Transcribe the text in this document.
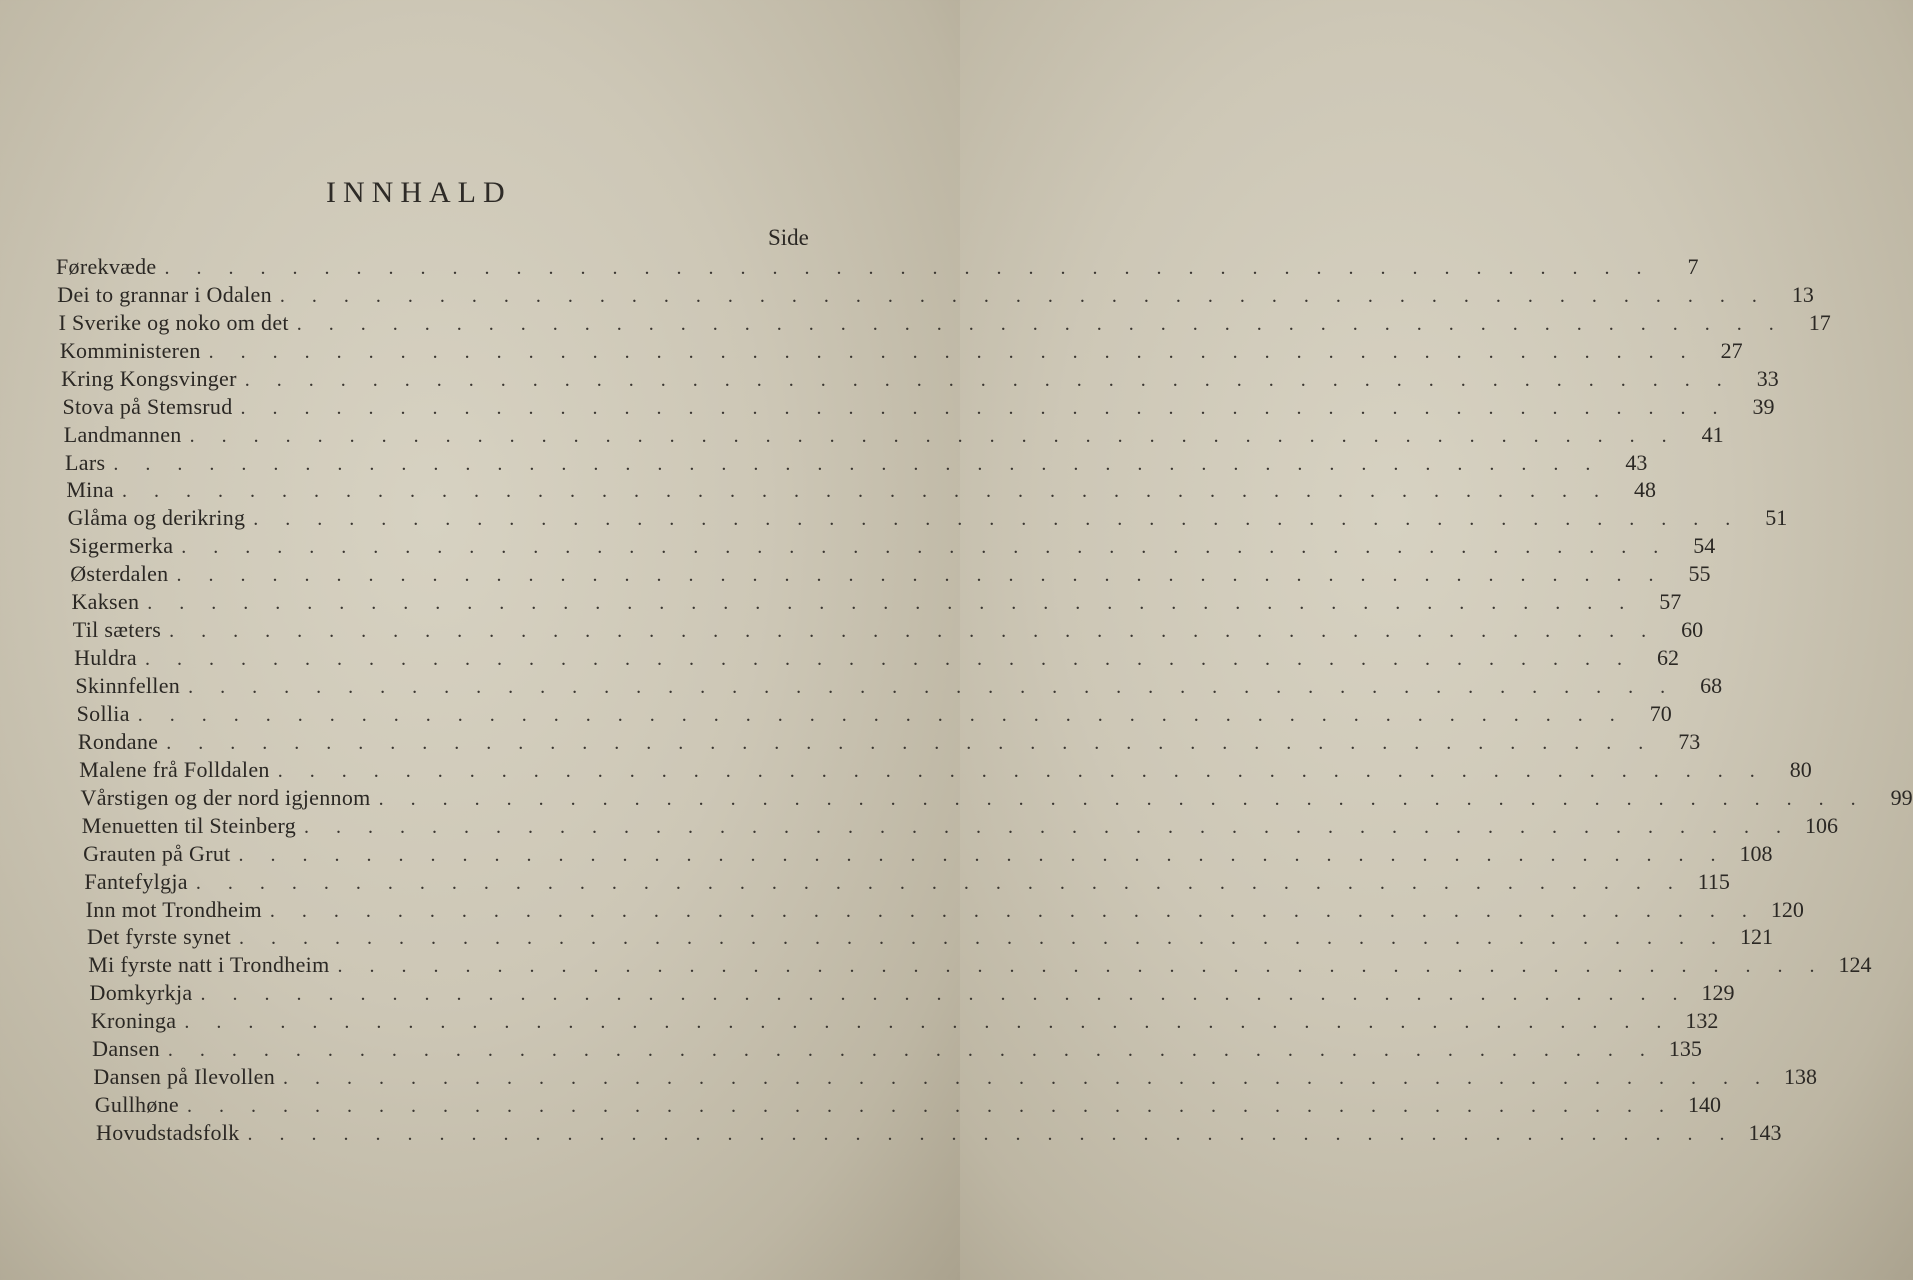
INNHALD
Side
Førekvæde . . . . . . . . . . . . . . . . . . . . . . . . . . . . . . . . . . . . . . . . . . . . . . .	7
Dei to grannar i Odalen . . . . . . . . . . . . . . . . . . . . . . . . . . . . . . . . . . . . . . . . . . . . . . .	13
I Sverike og noko om det . . . . . . . . . . . . . . . . . . . . . . . . . . . . . . . . . . . . . . . . . . . . . . .	17
Komministeren . . . . . . . . . . . . . . . . . . . . . . . . . . . . . . . . . . . . . . . . . . . . . . .	27
Kring Kongsvinger . . . . . . . . . . . . . . . . . . . . . . . . . . . . . . . . . . . . . . . . . . . . . . .	33
Stova på Stemsrud . . . . . . . . . . . . . . . . . . . . . . . . . . . . . . . . . . . . . . . . . . . . . . .	39
Landmannen . . . . . . . . . . . . . . . . . . . . . . . . . . . . . . . . . . . . . . . . . . . . . . .	41
Lars . . . . . . . . . . . . . . . . . . . . . . . . . . . . . . . . . . . . . . . . . . . . . . .	43
Mina . . . . . . . . . . . . . . . . . . . . . . . . . . . . . . . . . . . . . . . . . . . . . . .	48
Glåma og derikring . . . . . . . . . . . . . . . . . . . . . . . . . . . . . . . . . . . . . . . . . . . . . . .	51
Sigermerka . . . . . . . . . . . . . . . . . . . . . . . . . . . . . . . . . . . . . . . . . . . . . . .	54
Østerdalen . . . . . . . . . . . . . . . . . . . . . . . . . . . . . . . . . . . . . . . . . . . . . . .	55
Kaksen . . . . . . . . . . . . . . . . . . . . . . . . . . . . . . . . . . . . . . . . . . . . . . .	57
Til sæters . . . . . . . . . . . . . . . . . . . . . . . . . . . . . . . . . . . . . . . . . . . . . . .	60
Huldra . . . . . . . . . . . . . . . . . . . . . . . . . . . . . . . . . . . . . . . . . . . . . . .	62
Skinnfellen . . . . . . . . . . . . . . . . . . . . . . . . . . . . . . . . . . . . . . . . . . . . . . .	68
Sollia . . . . . . . . . . . . . . . . . . . . . . . . . . . . . . . . . . . . . . . . . . . . . . .	70
Rondane . . . . . . . . . . . . . . . . . . . . . . . . . . . . . . . . . . . . . . . . . . . . . . .	73
Malene frå Folldalen . . . . . . . . . . . . . . . . . . . . . . . . . . . . . . . . . . . . . . . . . . . . . . .	80
Vårstigen og der nord igjennom . . . . . . . . . . . . . . . . . . . . . . . . . . . . . . . . . . . . . . . . . . . . . . .	99
Menuetten til Steinberg . . . . . . . . . . . . . . . . . . . . . . . . . . . . . . . . . . . . . . . . . . . . . . . 106
Grauten på Grut . . . . . . . . . . . . . . . . . . . . . . . . . . . . . . . . . . . . . . . . . . . . . . . 108
Fantefylgja . . . . . . . . . . . . . . . . . . . . . . . . . . . . . . . . . . . . . . . . . . . . . . . 115
Inn mot Trondheim . . . . . . . . . . . . . . . . . . . . . . . . . . . . . . . . . . . . . . . . . . . . . . . 120
Det fyrste synet . . . . . . . . . . . . . . . . . . . . . . . . . . . . . . . . . . . . . . . . . . . . . . . 121
Mi fyrste natt i Trondheim . . . . . . . . . . . . . . . . . . . . . . . . . . . . . . . . . . . . . . . . . . . . . . . 124
Domkyrkja . . . . . . . . . . . . . . . . . . . . . . . . . . . . . . . . . . . . . . . . . . . . . . . 129
Kroninga . . . . . . . . . . . . . . . . . . . . . . . . . . . . . . . . . . . . . . . . . . . . . . . 132
Dansen . . . . . . . . . . . . . . . . . . . . . . . . . . . . . . . . . . . . . . . . . . . . . . . 135
Dansen på Ilevollen . . . . . . . . . . . . . . . . . . . . . . . . . . . . . . . . . . . . . . . . . . . . . . . 138
Gullhøne . . . . . . . . . . . . . . . . . . . . . . . . . . . . . . . . . . . . . . . . . . . . . . . 140
Hovudstadsfolk . . . . . . . . . . . . . . . . . . . . . . . . . . . . . . . . . . . . . . . . . . . . . . . 143
